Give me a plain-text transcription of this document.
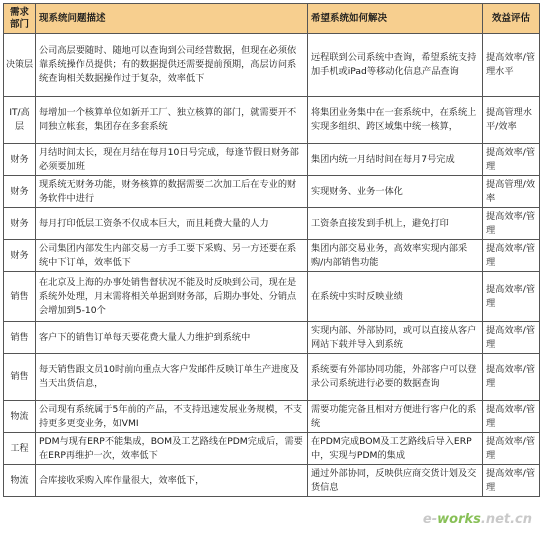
需求部门	现系统问题描述	希望系统如何解决	效益评估
决策层	公司高层要随时、随地可以查询到公司经营数据，但现在必须依靠系统操作员提供；有的数据提供还需要提前预期，高层访问系统查询相关数据操作过于复杂，效率低下	远程联到公司系统中查询，希望系统支持加手机或iPad等移动化信息产品查询	提高效率/管理水平
IT/高层	每增加一个核算单位如新开工厂、独立核算的部门，就需要开不同独立帐套，集团存在多套系统	将集团业务集中在一套系统中，在系统上实现多组织、跨区域集中统一核算，	提高管理水平/效率
财务	月结时间太长，现在月结在每月10日号完成，每逢节假日财务部必须要加班	集团内统一月结时间在每月7号完成	提高效率/管理
财务	现系统无财务功能，财务核算的数据需要二次加工后在专业的财务软件中进行	实现财务、业务一体化	提高管理/效率
财务	每月打印低层工资条不仅成本巨大，而且耗费大量的人力	工资条直接发到手机上，避免打印	提高效率/管理
财务	公司集团内部发生内部交易一方手工要下采购、另一方还要在系统中下订单，效率低下	集团内部交易业务，高效率实现内部采购/内部销售功能	提高效率/管理
销售	在北京及上海的办事处销售督状况不能及时反映到公司，现在是系统外处理，月末需将相关单据到财务部，后期办事处、分销点会增加到5-10个	在系统中实时反映业绩	提高效率/管理
销售	客户下的销售订单每天要花费大量人力维护到系统中	实现内部、外部协同，或可以直接从客户网站下载并导入到系统	提高效率/管理
销售	每天销售跟文员10时前向重点大客户发邮件反映订单生产进度及当天出货信息，	系统要有外部协同功能，外部客户可以登录公司系统进行必要的数据查询	提高效率/管理
物流	公司现有系统属于5年前的产品，不支持迅速发展业务规模，不支持更多更变业务，如VMI	需要功能完备且相对方便进行客户化的系统	提高效率/管理
工程	PDM与现有ERP不能集成，BOM及工艺路线在PDM完成后，需要在ERP再维护一次，效率低下	在PDM完成BOM及工艺路线后导入ERP中，实现与PDM的集成	提高效率/管理
物流	合库接收采购入库作量很大，效率低下，	通过外部协同，反映供应商交货计划及交货信息	提高效率/管理
e-works.net.cn
